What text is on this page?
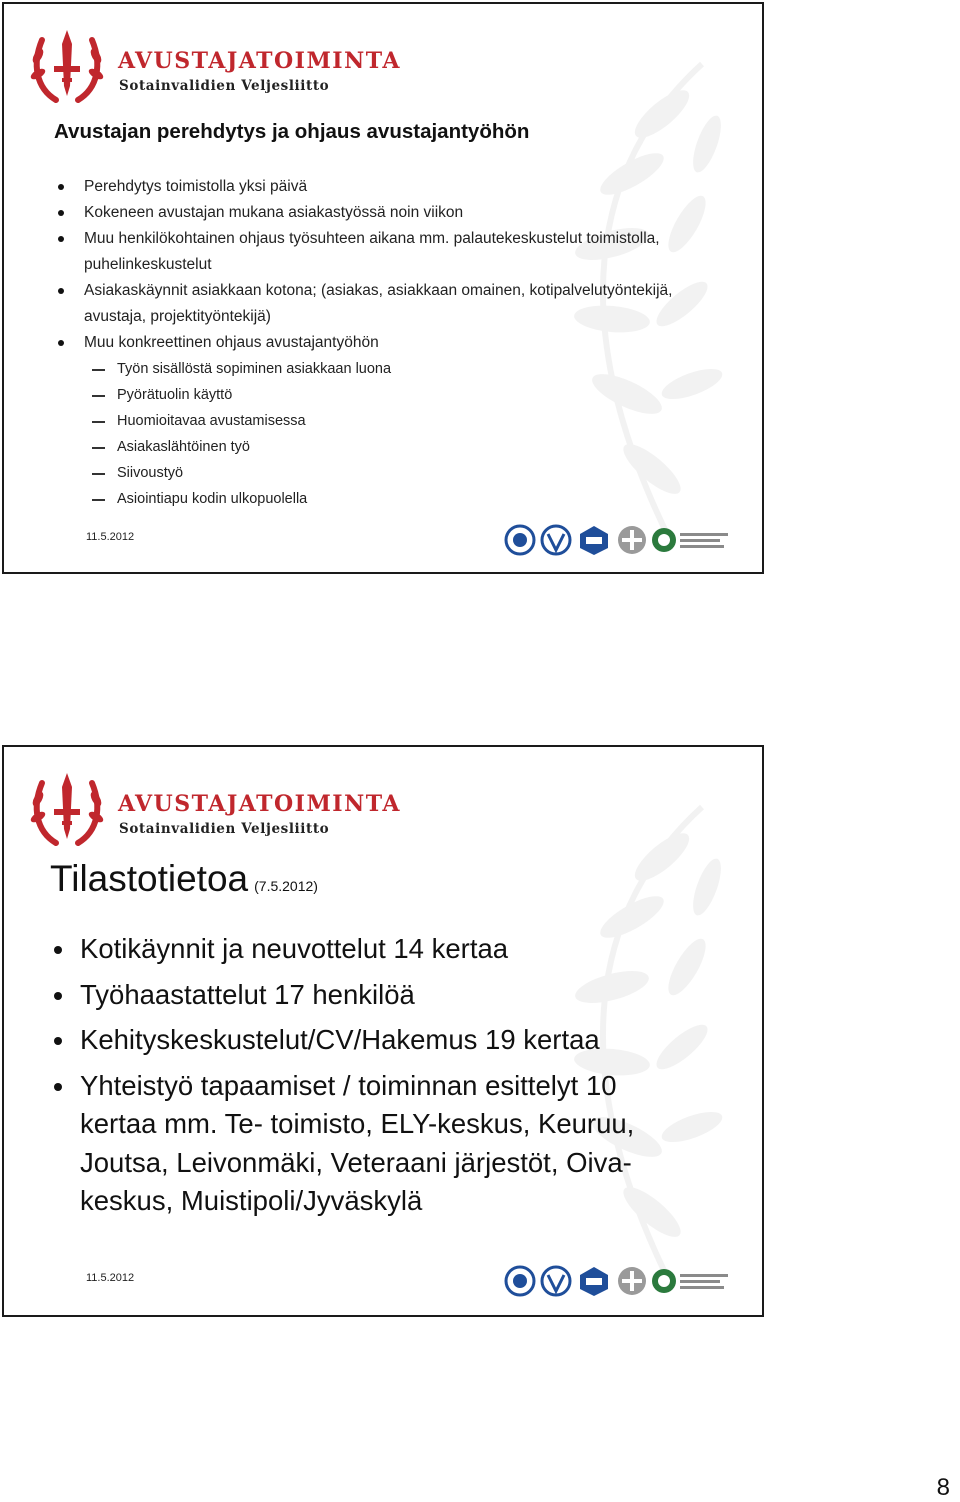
AVUSTAJATOIMINTA
Sotainvalidien Veljesliitto
Avustajan perehdytys ja ohjaus avustajantyöhön
Perehdytys toimistolla yksi päivä
Kokeneen avustajan mukana asiakastyössä noin viikon
Muu henkilökohtainen ohjaus työsuhteen aikana mm. palautekeskustelut toimistolla, puhelinkeskustelut
Asiakaskäynnit asiakkaan kotona; (asiakas, asiakkaan omainen, kotipalvelutyöntekijä, avustaja, projektityöntekijä)
Muu konkreettinen ohjaus avustajantyöhön
Työn sisällöstä sopiminen asiakkaan luona
Pyörätuolin käyttö
Huomioitavaa avustamisessa
Asiakaslähtöinen työ
Siivoustyö
Asiointiapu kodin ulkopuolella
11.5.2012
AVUSTAJATOIMINTA
Sotainvalidien Veljesliitto
11.5.2012
Tilastotietoa (7.5.2012)
Kotikäynnit ja neuvottelut 14 kertaa
Työhaastattelut 17 henkilöä
Kehityskeskustelut/CV/Hakemus 19 kertaa
Yhteistyö tapaamiset / toiminnan esittelyt 10 kertaa mm. Te- toimisto, ELY-keskus, Keuruu, Joutsa, Leivonmäki, Veteraani järjestöt, Oiva-keskus, Muistipoli/Jyväskylä
8
